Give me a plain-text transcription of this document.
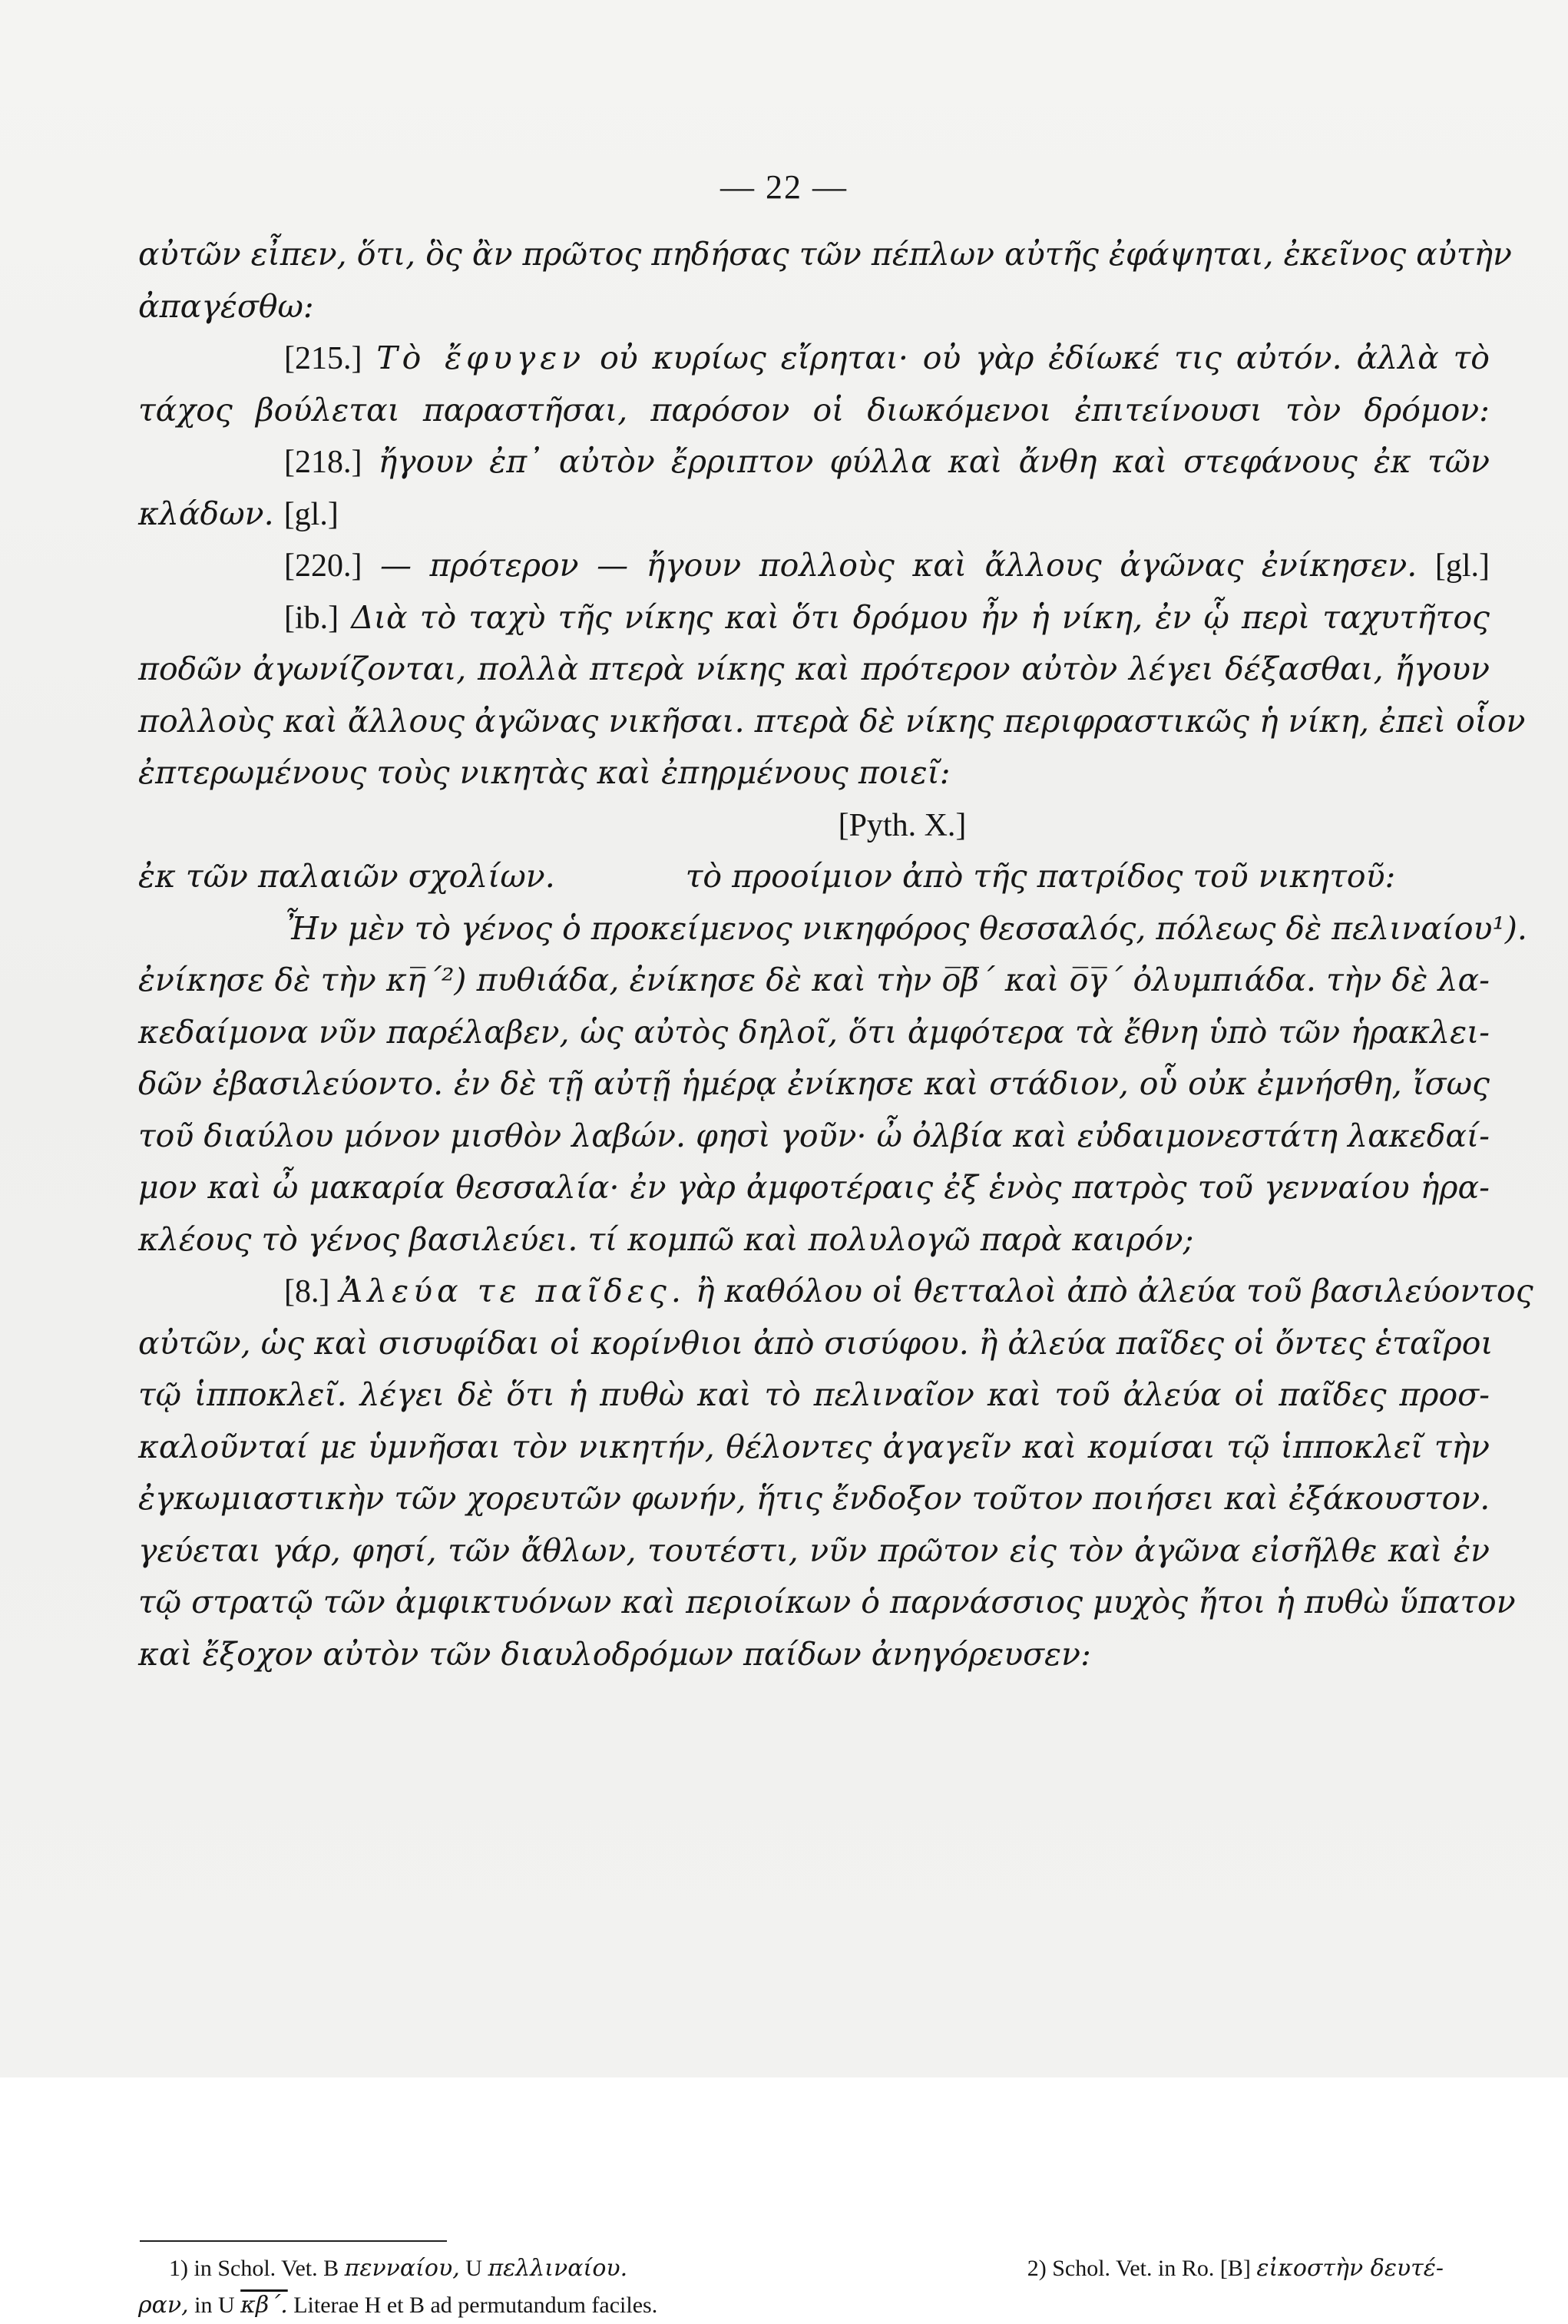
— 22 —
αὐτῶν εἶπεν, ὅτι, ὃς ἂν πρῶτος πηδήσας τῶν πέπλων αὐτῆς ἐφάψηται, ἐκεῖνος αὐτὴν
ἀπαγέσθω:
[215.] Τὸ ἔφυγεν οὐ κυρίως εἴρηται· οὐ γὰρ ἐδίωκέ τις αὐτόν. ἀλλὰ τὸ
τάχος βούλεται παραστῆσαι, παρόσον οἱ διωκόμενοι ἐπιτείνουσι τὸν δρόμον:
[218.] ἤγουν ἐπ᾽ αὐτὸν ἔρριπτον φύλλα καὶ ἄνθη καὶ στεφάνους ἐκ τῶν
κλάδων. [gl.]
[220.] — πρότερον — ἤγουν πολλοὺς καὶ ἄλλους ἀγῶνας ἐνίκησεν. [gl.]
[ib.] Διὰ τὸ ταχὺ τῆς νίκης καὶ ὅτι δρόμου ἦν ἡ νίκη, ἐν ᾧ περὶ ταχυτῆτος
ποδῶν ἀγωνίζονται, πολλὰ πτερὰ νίκης καὶ πρότερον αὐτὸν λέγει δέξασθαι, ἤγουν
πολλοὺς καὶ ἄλλους ἀγῶνας νικῆσαι. πτερὰ δὲ νίκης περιφραστικῶς ἡ νίκη, ἐπεὶ οἷον
ἐπτερωμένους τοὺς νικητὰς καὶ ἐπηρμένους ποιεῖ:
[Pyth. X.]
ἐκ τῶν παλαιῶν σχολίων.	τὸ προοίμιον ἀπὸ τῆς πατρίδος τοῦ νικητοῦ:
Ἦν μὲν τὸ γένος ὁ προκείμενος νικηφόρος θεσσαλός, πόλεως δὲ πελιναίου¹).
ἐνίκησε δὲ τὴν κη̅΄²) πυθιάδα, ἐνίκησε δὲ καὶ τὴν ο̅β̅΄ καὶ ο̅γ̅΄ ὀλυμπιάδα. τὴν δὲ λα-
κεδαίμονα νῦν παρέλαβεν, ὡς αὐτὸς δηλοῖ, ὅτι ἀμφότερα τὰ ἔθνη ὑπὸ τῶν ἡρακλει-
δῶν ἐβασιλεύοντο. ἐν δὲ τῇ αὐτῇ ἡμέρᾳ ἐνίκησε καὶ στάδιον, οὗ οὐκ ἐμνήσθη, ἴσως
τοῦ διαύλου μόνον μισθὸν λαβών. φησὶ γοῦν· ὦ ὀλβία καὶ εὐδαιμονεστάτη λακεδαί-
μον καὶ ὦ μακαρία θεσσαλία· ἐν γὰρ ἀμφοτέραις ἐξ ἑνὸς πατρὸς τοῦ γενναίου ἡρα-
κλέους τὸ γένος βασιλεύει. τί κομπῶ καὶ πολυλογῶ παρὰ καιρόν;
[8.] Ἀλεύα τε παῖδες. ἢ καθόλου οἱ θετταλοὶ ἀπὸ ἀλεύα τοῦ βασιλεύοντος
αὐτῶν, ὡς καὶ σισυφίδαι οἱ κορίνθιοι ἀπὸ σισύφου. ἢ ἀλεύα παῖδες οἱ ὄντες ἑταῖροι
τῷ ἱπποκλεῖ. λέγει δὲ ὅτι ἡ πυθὼ καὶ τὸ πελιναῖον καὶ τοῦ ἀλεύα οἱ παῖδες προσ-
καλοῦνταί με ὑμνῆσαι τὸν νικητήν, θέλοντες ἀγαγεῖν καὶ κομίσαι τῷ ἱπποκλεῖ τὴν
ἐγκωμιαστικὴν τῶν χορευτῶν φωνήν, ἥτις ἔνδοξον τοῦτον ποιήσει καὶ ἐξάκουστον.
γεύεται γάρ, φησί, τῶν ἄθλων, τουτέστι, νῦν πρῶτον εἰς τὸν ἀγῶνα εἰσῆλθε καὶ ἐν
τῷ στρατῷ τῶν ἀμφικτυόνων καὶ περιοίκων ὁ παρνάσσιος μυχὸς ἤτοι ἡ πυθὼ ὕπατον
καὶ ἔξοχον αὐτὸν τῶν διαυλοδρόμων παίδων ἀνηγόρευσεν:
1) in Schol. Vet. B πενναίου, U πελλιναίου.	2) Schol. Vet. in Ro. [B] εἰκοστὴν δευτέ-
ραν, in U κβ΄. Literae H et B ad permutandum faciles.
